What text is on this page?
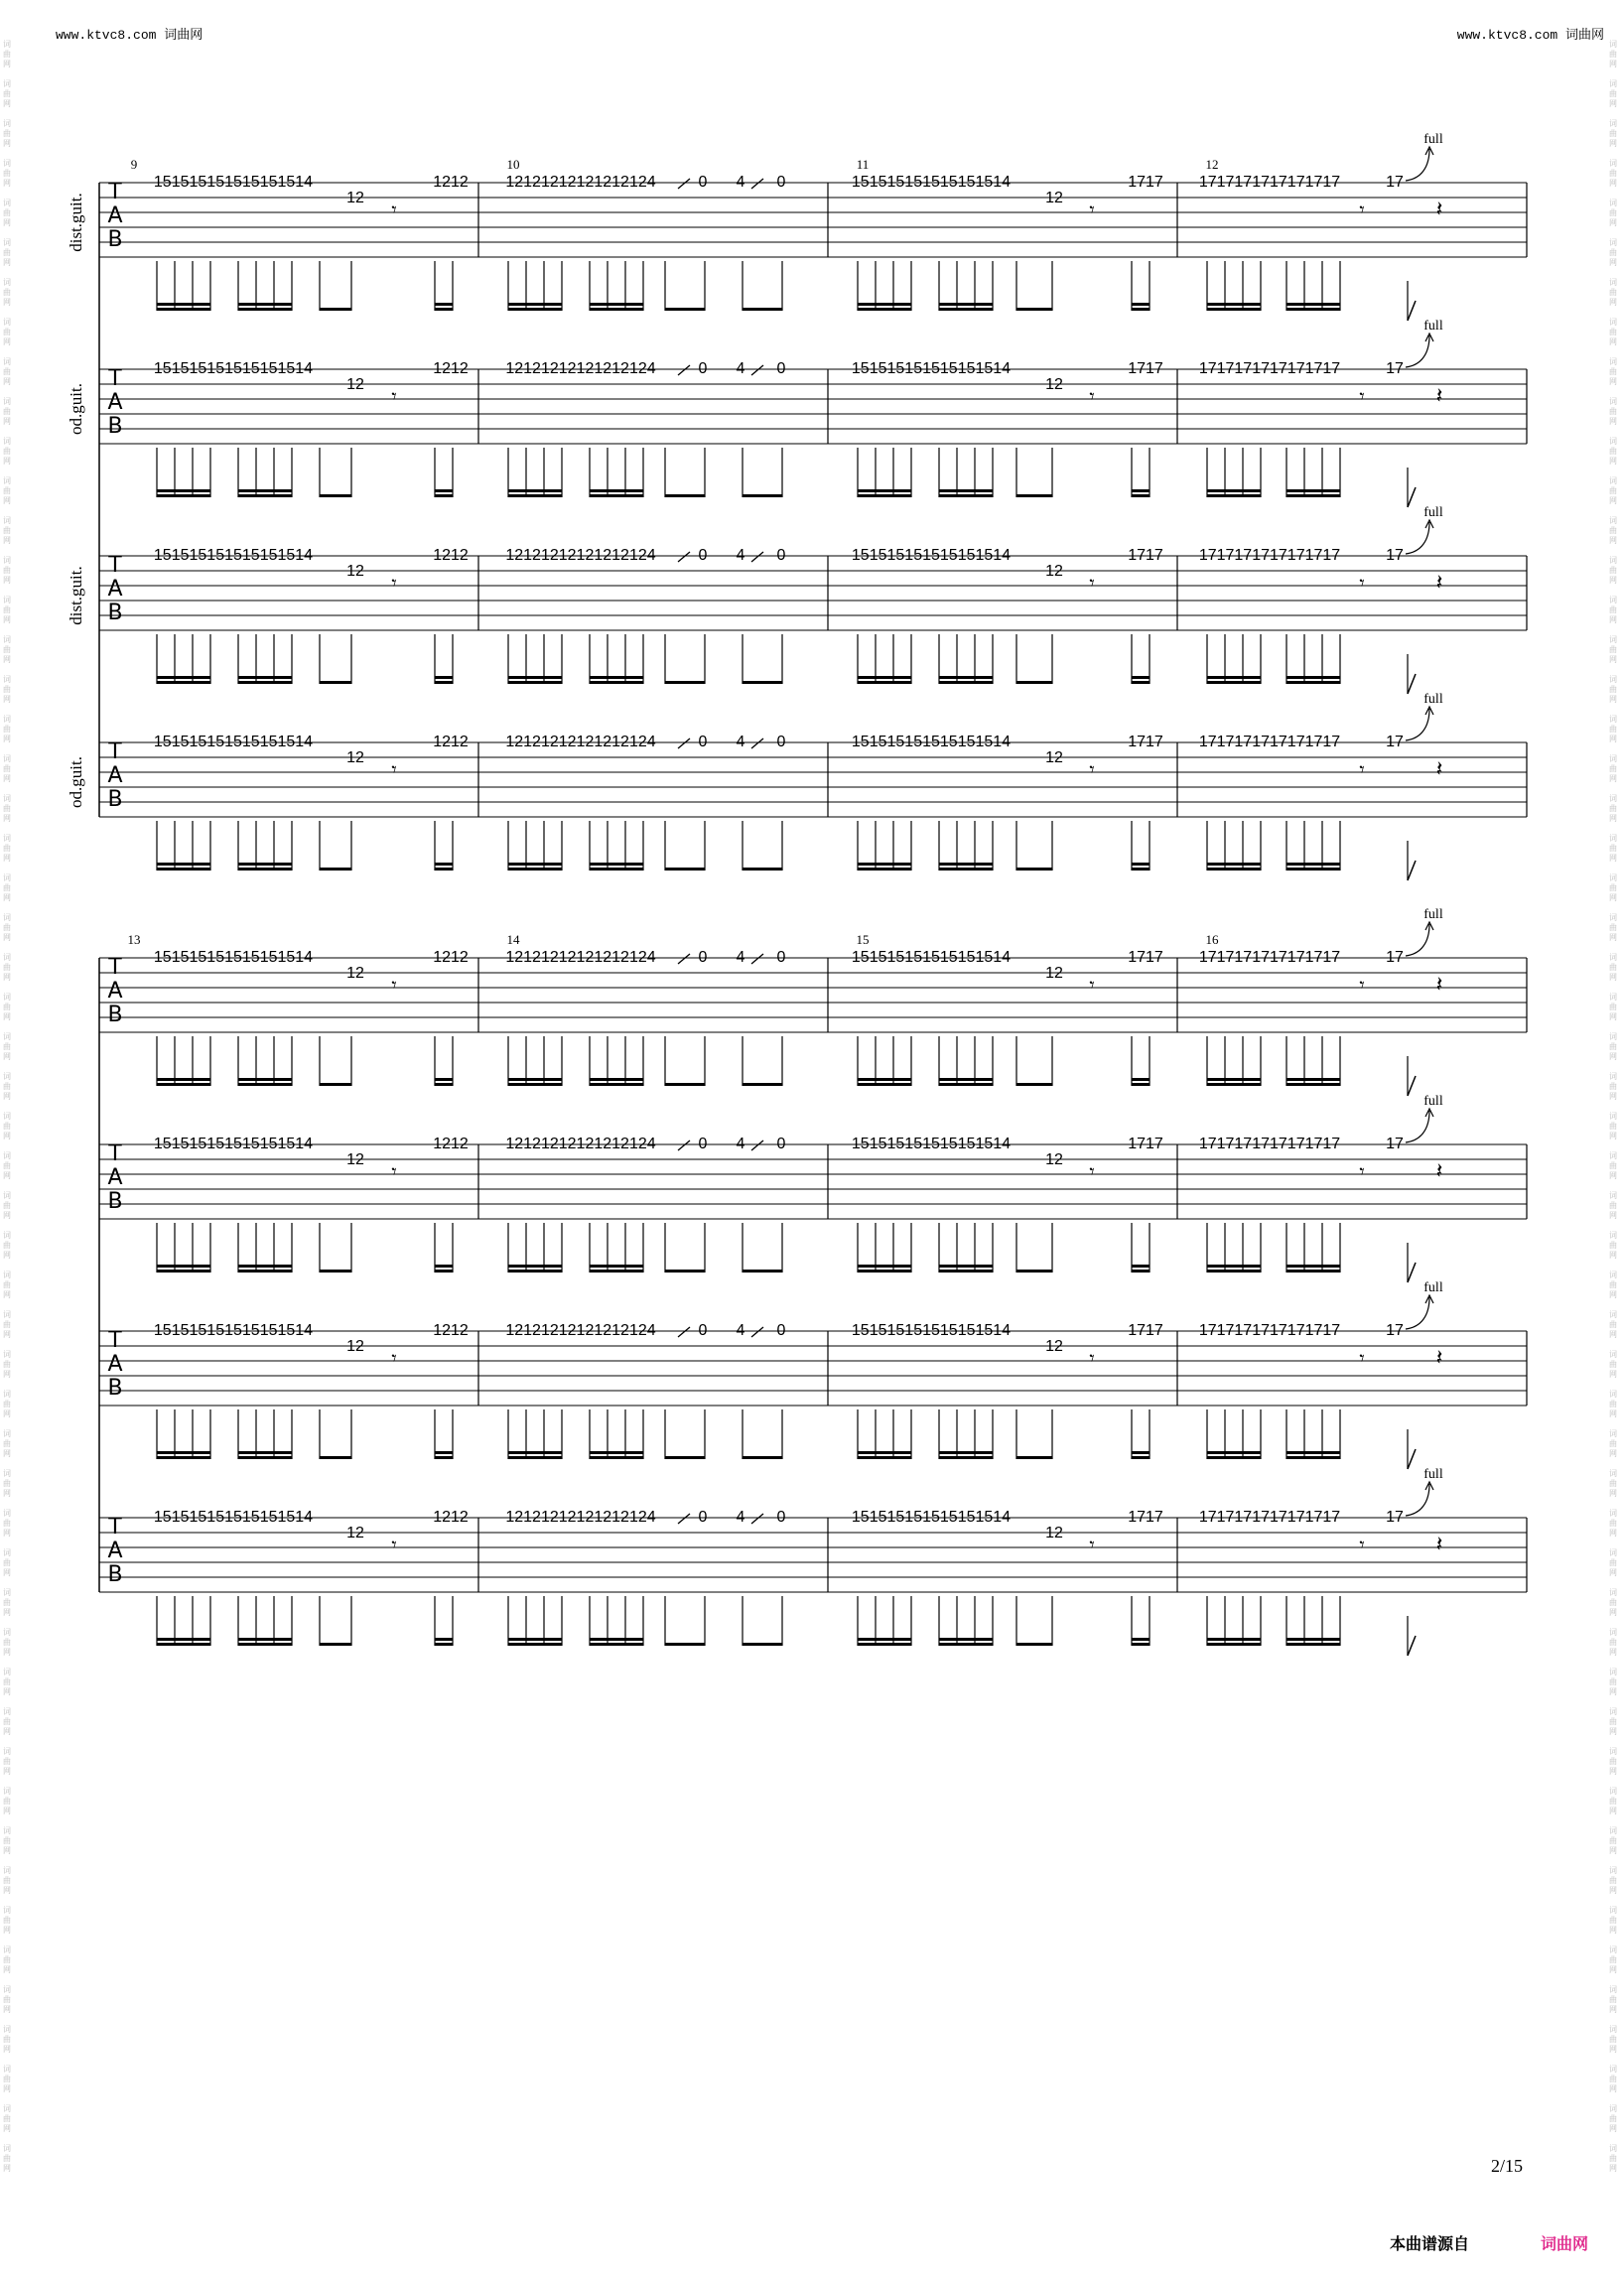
www.ktvc8.com 词曲网	www.ktvc8.com 词曲网
词
曲
网
词
曲
网
词
曲
网
词
曲
网
词
曲
网
词
曲
网
词
曲
网
词
曲
网
词
曲
网
词
曲
网
词
曲
网
词
曲
网
词
曲
网
词
曲
网
词
曲
网
词
曲
网
词
曲
网
词
曲
网
词
曲
网
词
曲
网
词
曲
网
词
曲
网
词
曲
网
词
曲
网
词
曲
网
词
曲
网
词
曲
网
词
曲
网
词
曲
网
词
曲
网
词
曲
网
词
曲
网
词
曲
网
词
曲
网
词
曲
网
词
曲
网
词
曲
网
词
曲
网
词
曲
网
词
曲
网
词
曲
网
词
曲
网
词
曲
网
词
曲
网
词
曲
网
词
曲
网
词
曲
网
词
曲
网
词
曲
网
词
曲
网
词
曲
网
词
曲
网
词
曲
网
词
曲
网
词
曲
网
词
曲
网
词
曲
网
词
曲
网
词
曲
网
词
曲
网
词
曲
网
词
曲
网
词
曲
网
词
曲
网
词
曲
网
词
曲
网
词
曲
网
词
曲
网
词
曲
网
词
曲
网
词
曲
网
词
曲
网
词
曲
网
词
曲
网
词
曲
网
词
曲
网
词
曲
网
词
曲
网
词
曲
网
词
曲
网
词
曲
网
词
曲
网
词
曲
网
词
曲
网
词
曲
网
词
曲
网
词
曲
网
词
曲
网
词
曲
网
词
曲
网
词
曲
网
词
曲
网
词
曲
网
词
曲
网
词
曲
网
词
曲
网
词
曲
网
词
曲
网
词
曲
网
词
曲
网
词
曲
网
词
曲
网
词
曲
网
词
曲
网
词
曲
网
词
曲
网
词
曲
网
词
曲
网
T
A
B
dist.guit.
9	10	11	12
151515151515151514
12
𝄾
1212 12121212121212124	0 4 0	151515151515151514
12
𝄾
1717 1717171717171717	17
𝄾
full
𝄽
T
A
B
od.guit.
151515151515151514
12
𝄾
1212 12121212121212124	0 4 0	151515151515151514
12
𝄾
1717 1717171717171717	17
𝄾
full
𝄽
T
A
B
dist.guit.
151515151515151514
12
𝄾
1212 12121212121212124	0 4 0	151515151515151514
12
𝄾
1717 1717171717171717	17
𝄾
full
𝄽
T
A
B
od.guit.
151515151515151514
12
𝄾
1212 12121212121212124	0 4 0	151515151515151514
12
𝄾
1717 1717171717171717	17
𝄾
full
𝄽
T
A
B
13	14	15	16
151515151515151514
12
𝄾
1212 12121212121212124	0 4 0	151515151515151514
12
𝄾
1717 1717171717171717	17
𝄾
full
𝄽
T
A
B
151515151515151514
12
𝄾
1212 12121212121212124	0 4 0	151515151515151514
12
𝄾
1717 1717171717171717	17
𝄾
full
𝄽
T
A
B
151515151515151514
12
𝄾
1212 12121212121212124	0 4 0	151515151515151514
12
𝄾
1717 1717171717171717	17
𝄾
full
𝄽
T
A
B
151515151515151514
12
𝄾
1212 12121212121212124	0 4 0	151515151515151514
12
𝄾
1717 1717171717171717	17
𝄾
full
𝄽
2/15
本曲谱源自	词曲网
